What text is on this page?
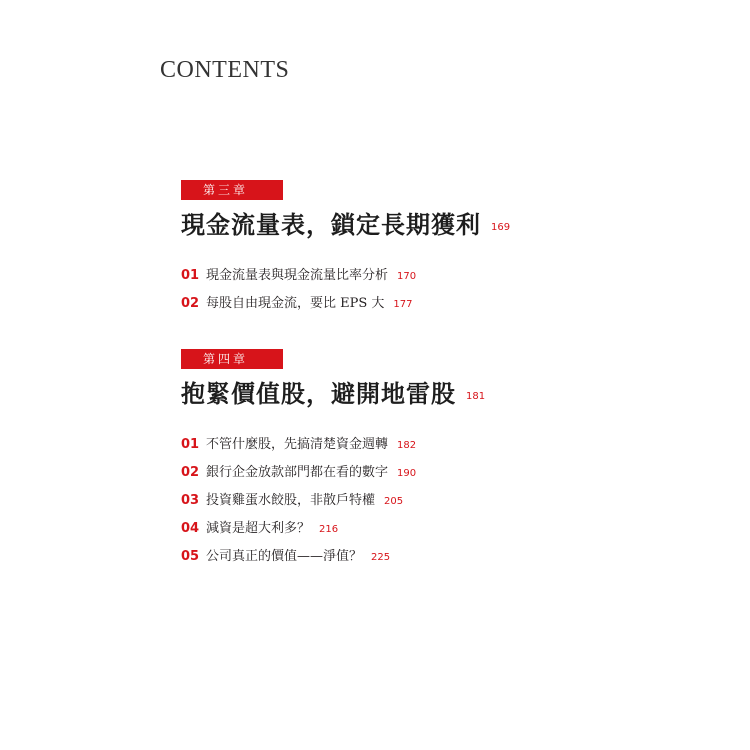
CONTENTS
第三章
現金流量表，鎖定長期獲利 169
01 現金流量表與現金流量比率分析 170
02 每股自由現金流，要比 EPS 大 177
第四章
抱緊價值股，避開地雷股 181
01 不管什麼股，先搞清楚資金週轉 182
02 銀行企金放款部門都在看的數字 190
03 投資雞蛋水餃股，非散戶特權 205
04 減資是超大利多？ 216
05 公司真正的價值——淨值？ 225
